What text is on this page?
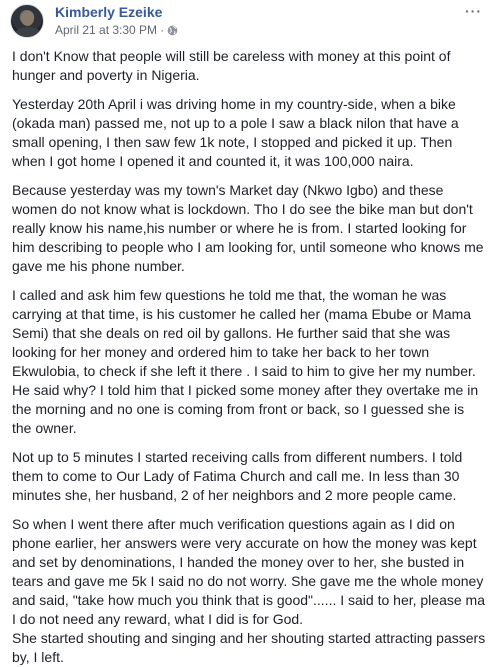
Kimberly Ezeike
April 21 at 3:30 PM ·
···

I don't Know that people will still be careless with money at this point of hunger and poverty in Nigeria.

Yesterday 20th April i was driving home in my country-side, when a bike (okada man) passed me, not up to a pole I saw a black nilon that have a small opening, I then saw few 1k note, I stopped and picked it up. Then when I got home I opened it and counted it, it was 100,000 naira.

Because yesterday was my town's Market day (Nkwo Igbo) and these women do not know what is lockdown. Tho I do see the bike man but don't really know his name,his number or where he is from. I started looking for him describing to people who I am looking for, until someone who knows me gave me his phone number.

I called and ask him few questions he told me that, the woman he was carrying at that time, is his customer he called her (mama Ebube or Mama Semi) that she deals on red oil by gallons. He further said that she was looking for her money and ordered him to take her back to her town Ekwulobia, to check if she left it there . I said to him to give her my number. He said why? I told him that I picked some money after they overtake me in the morning and no one is coming from front or back, so I guessed she is the owner.

Not up to 5 minutes I started receiving calls from different numbers. I told them to come to Our Lady of Fatima Church and call me. In less than 30 minutes she, her husband, 2 of her neighbors and 2 more people came.

So when I went there after much verification questions again as I did on phone earlier, her answers were very accurate on how the money was kept and set by denominations, I handed the money over to her, she busted in tears and gave me 5k I said no do not worry. She gave me the whole money and said, "take how much you think that is good"...... I said to her, please ma I do not need any reward, what I did is for God.

She started shouting and singing and her shouting started attracting passers by, I left.
